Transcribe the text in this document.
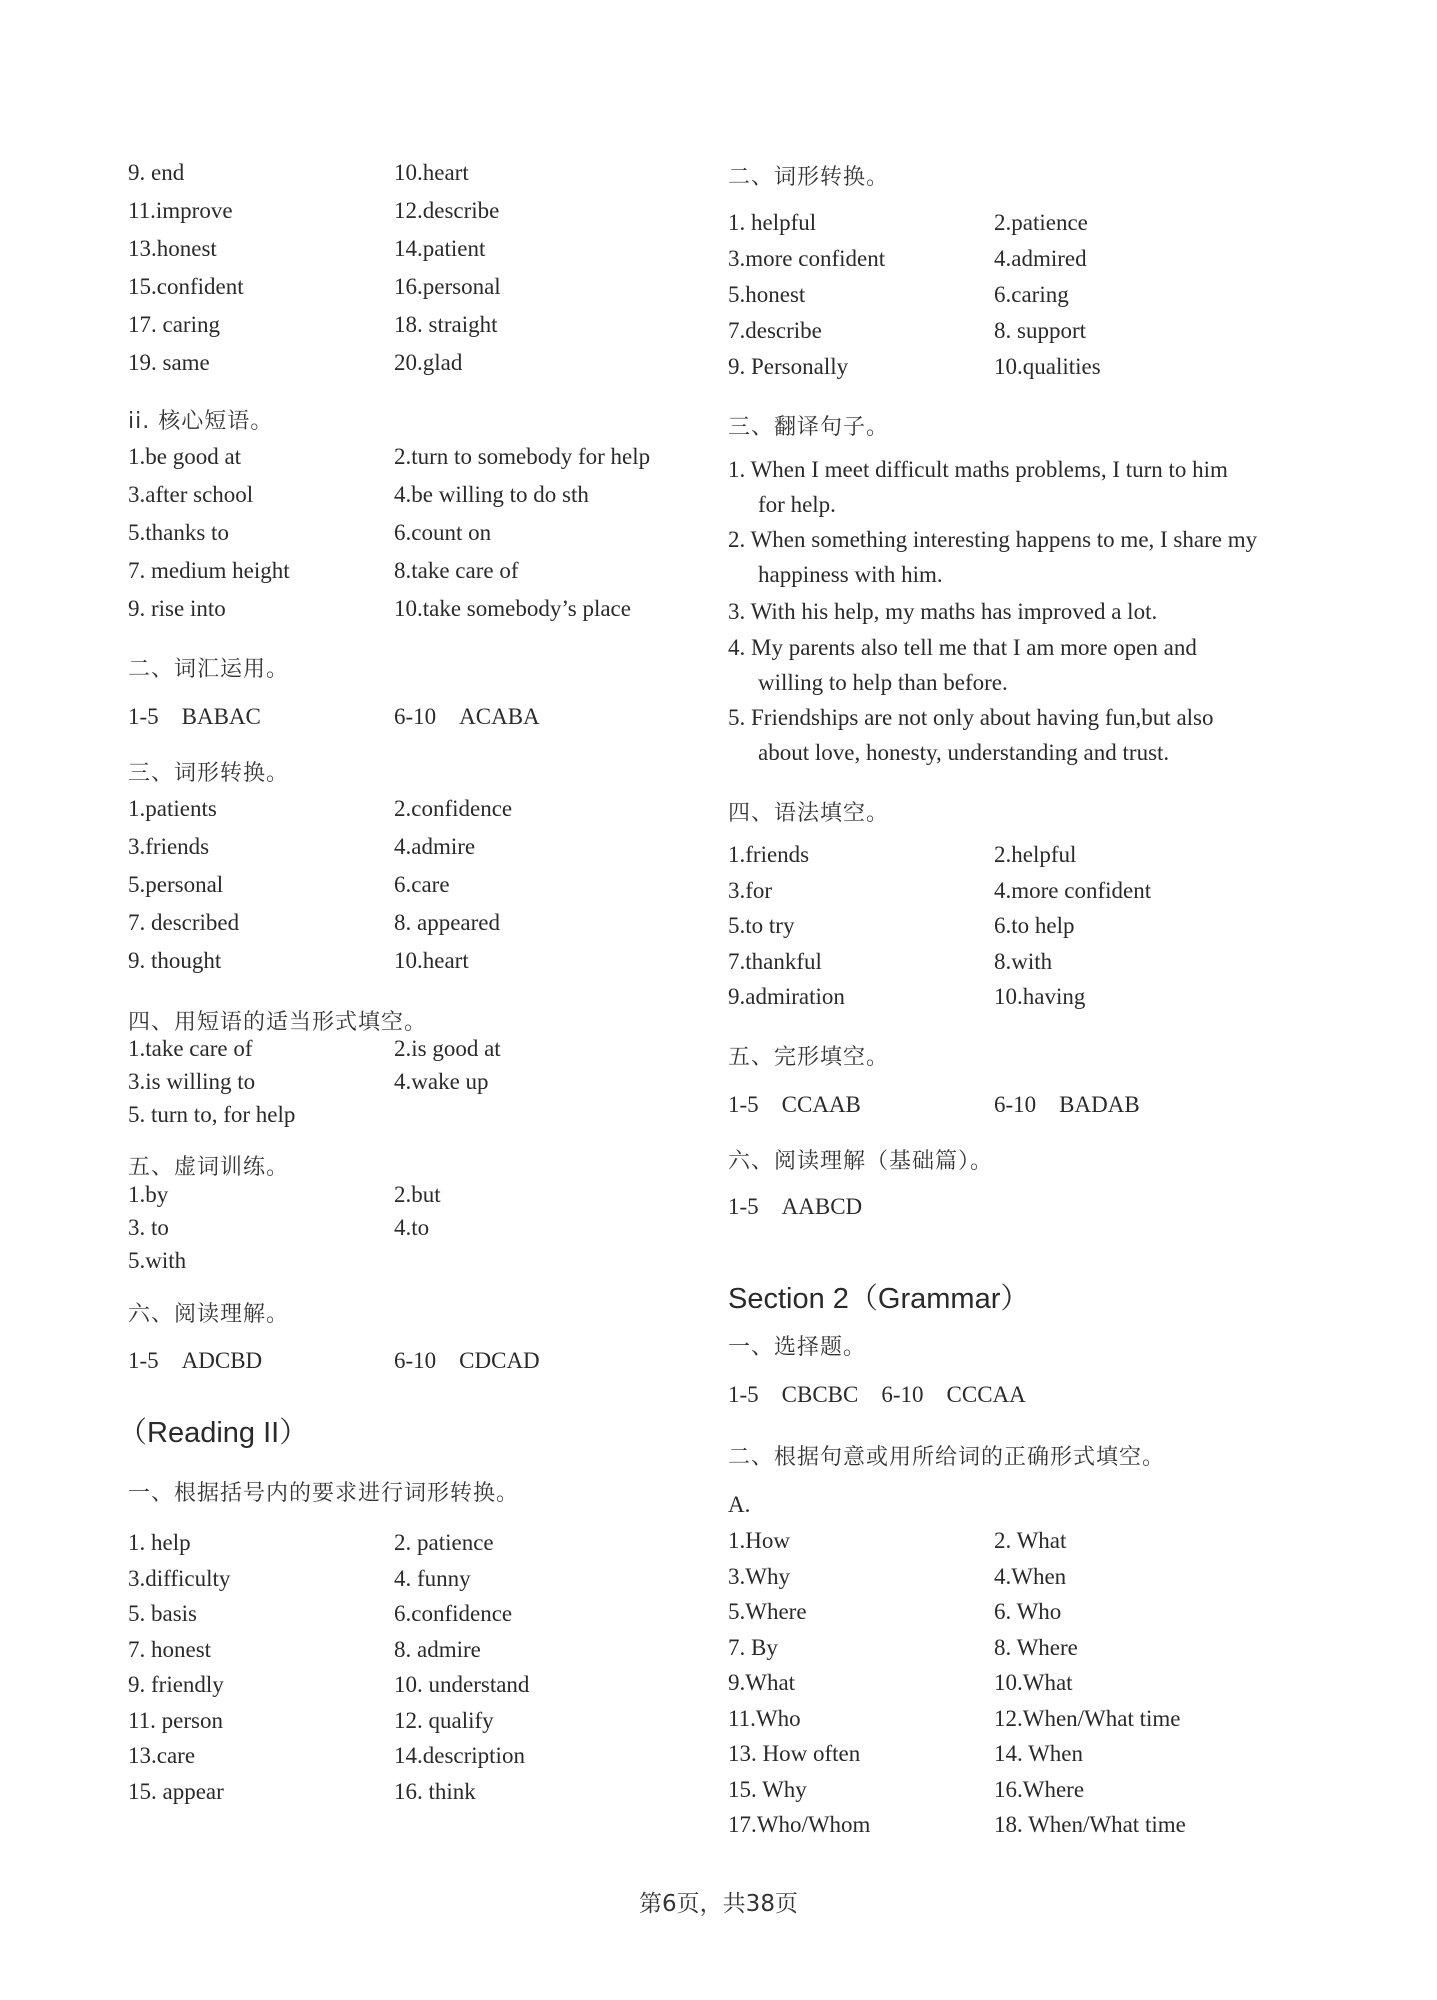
9. end	10.heart
11.improve	12.describe
13.honest	14.patient
15.confident	16.personal
17. caring	18. straight
19. same	20.glad
ii. 核心短语。
1.be good at	2.turn to somebody for help
3.after school	4.be willing to do sth
5.thanks to	6.count on
7. medium height	8.take care of
9. rise into	10.take somebody’s place
二、词汇运用。
1-5　BABAC	6-10　ACABA
三、词形转换。
1.patients	2.confidence
3.friends	4.admire
5.personal	6.care
7. described	8. appeared
9. thought	10.heart
四、用短语的适当形式填空。
1.take care of	2.is good at
3.is willing to	4.wake up
5. turn to, for help
五、虚词训练。
1.by	2.but
3. to	4.to
5.with
六、阅读理解。
1-5　ADCBD	6-10　CDCAD
（Reading II）
一、根据括号内的要求进行词形转换。
1. help	2. patience
3.difficulty	4. funny
5. basis	6.confidence
7. honest	8. admire
9. friendly	10. understand
11. person	12. qualify
13.care	14.description
15. appear	16. think
二、词形转换。
1. helpful	2.patience
3.more confident	4.admired
5.honest	6.caring
7.describe	8. support
9. Personally	10.qualities
三、翻译句子。
1. When I meet difficult maths problems, I turn to him
for help.
2. When something interesting happens to me, I share my
happiness with him.
3. With his help, my maths has improved a lot.
4. My parents also tell me that I am more open and
willing to help than before.
5. Friendships are not only about having fun,but also
about love, honesty, understanding and trust.
四、语法填空。
1.friends	2.helpful
3.for	4.more confident
5.to try	6.to help
7.thankful	8.with
9.admiration	10.having
五、完形填空。
1-5　CCAAB	6-10　BADAB
六、阅读理解（基础篇）。
1-5　AABCD
Section 2（Grammar）
一、选择题。
1-5　CBCBC　6-10　CCCAA
二、根据句意或用所给词的正确形式填空。
A.
1.How	2. What
3.Why	4.When
5.Where	6. Who
7. By	8. Where
9.What	10.What
11.Who	12.When/What time
13. How often	14. When
15. Why	16.Where
17.Who/Whom	18. When/What time
第6页，共38页
